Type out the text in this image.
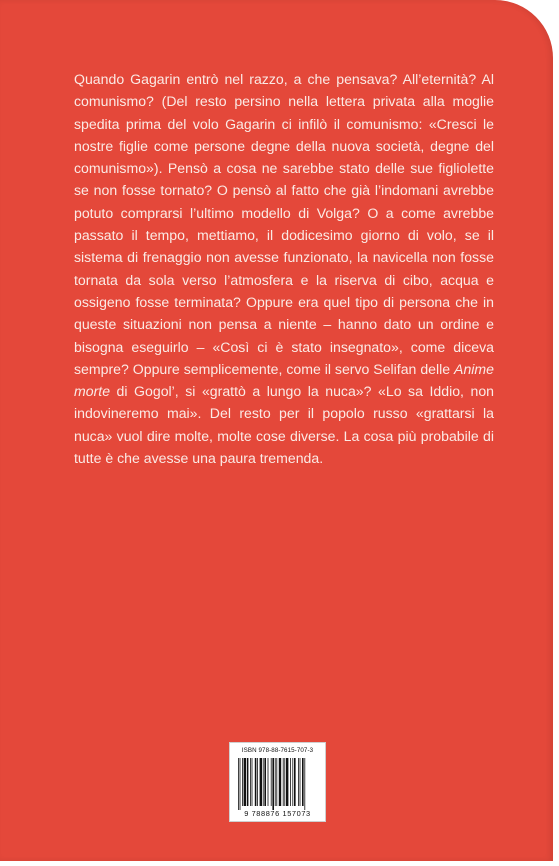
Quando Gagarin entrò nel razzo, a che pensava? All’eternità? Al comunismo? (Del resto persino nella lettera privata alla moglie spedita prima del volo Gagarin ci infilò il comunismo: «Cresci le nostre figlie come persone degne della nuova società, degne del comunismo»). Pensò a cosa ne sarebbe stato delle sue figliolette se non fosse tornato? O pensò al fatto che già l’indomani avrebbe potuto comprarsi l’ultimo modello di Volga? O a come avrebbe passato il tempo, mettiamo, il dodicesimo giorno di volo, se il sistema di frenaggio non avesse funzionato, la navicella non fosse tornata da sola verso l’atmosfera e la riserva di cibo, acqua e ossigeno fosse terminata? Oppure era quel tipo di persona che in queste situazioni non pensa a niente – hanno dato un ordine e bisogna eseguirlo – «Così ci è stato insegnato», come diceva sempre? Oppure semplicemente, come il servo Selifan delle Anime morte di Gogol’, si «grattò a lungo la nuca»? «Lo sa Iddio, non indovineremo mai». Del resto per il popolo russo «grattarsi la nuca» vuol dire molte, molte cose diverse. La cosa più probabile di tutte è che avesse una paura tremenda.

ISBN 978-88-7615-707-3
9 788876 157073
